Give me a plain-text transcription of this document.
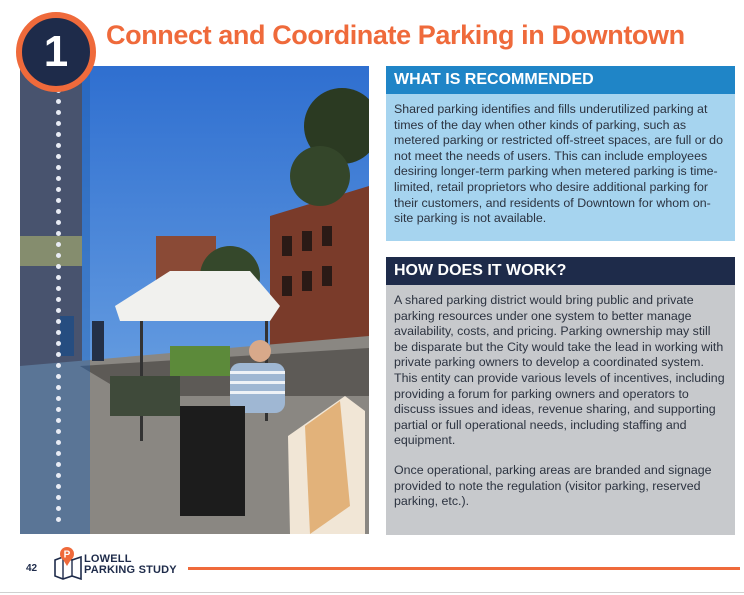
1 Connect and Coordinate Parking in Downtown
WHAT IS RECOMMENDED

Shared parking identifies and fills underutilized parking at times of the day when other kinds of parking, such as metered parking or restricted off-street spaces, are full or do not meet the needs of users. This can include employees desiring longer-term parking when metered parking is time-limited, retail proprietors who desire additional parking for their customers, and residents of Downtown for whom on-site parking is not available.

HOW DOES IT WORK?
A shared parking district would bring public and private parking resources under one system to better manage availability, costs, and pricing. Parking ownership may still be disparate but the City would take the lead in working with private parking owners to develop a coordinated system. This entity can provide various levels of incentives, including providing a forum for parking owners and operators to discuss issues and ideas, revenue sharing, and supporting partial or full operational needs, including staffing and equipment.
Once operational, parking areas are branded and signage provided to note the regulation (visitor parking, reserved parking, etc.).
42
P LOWELL
PARKING STUDY
